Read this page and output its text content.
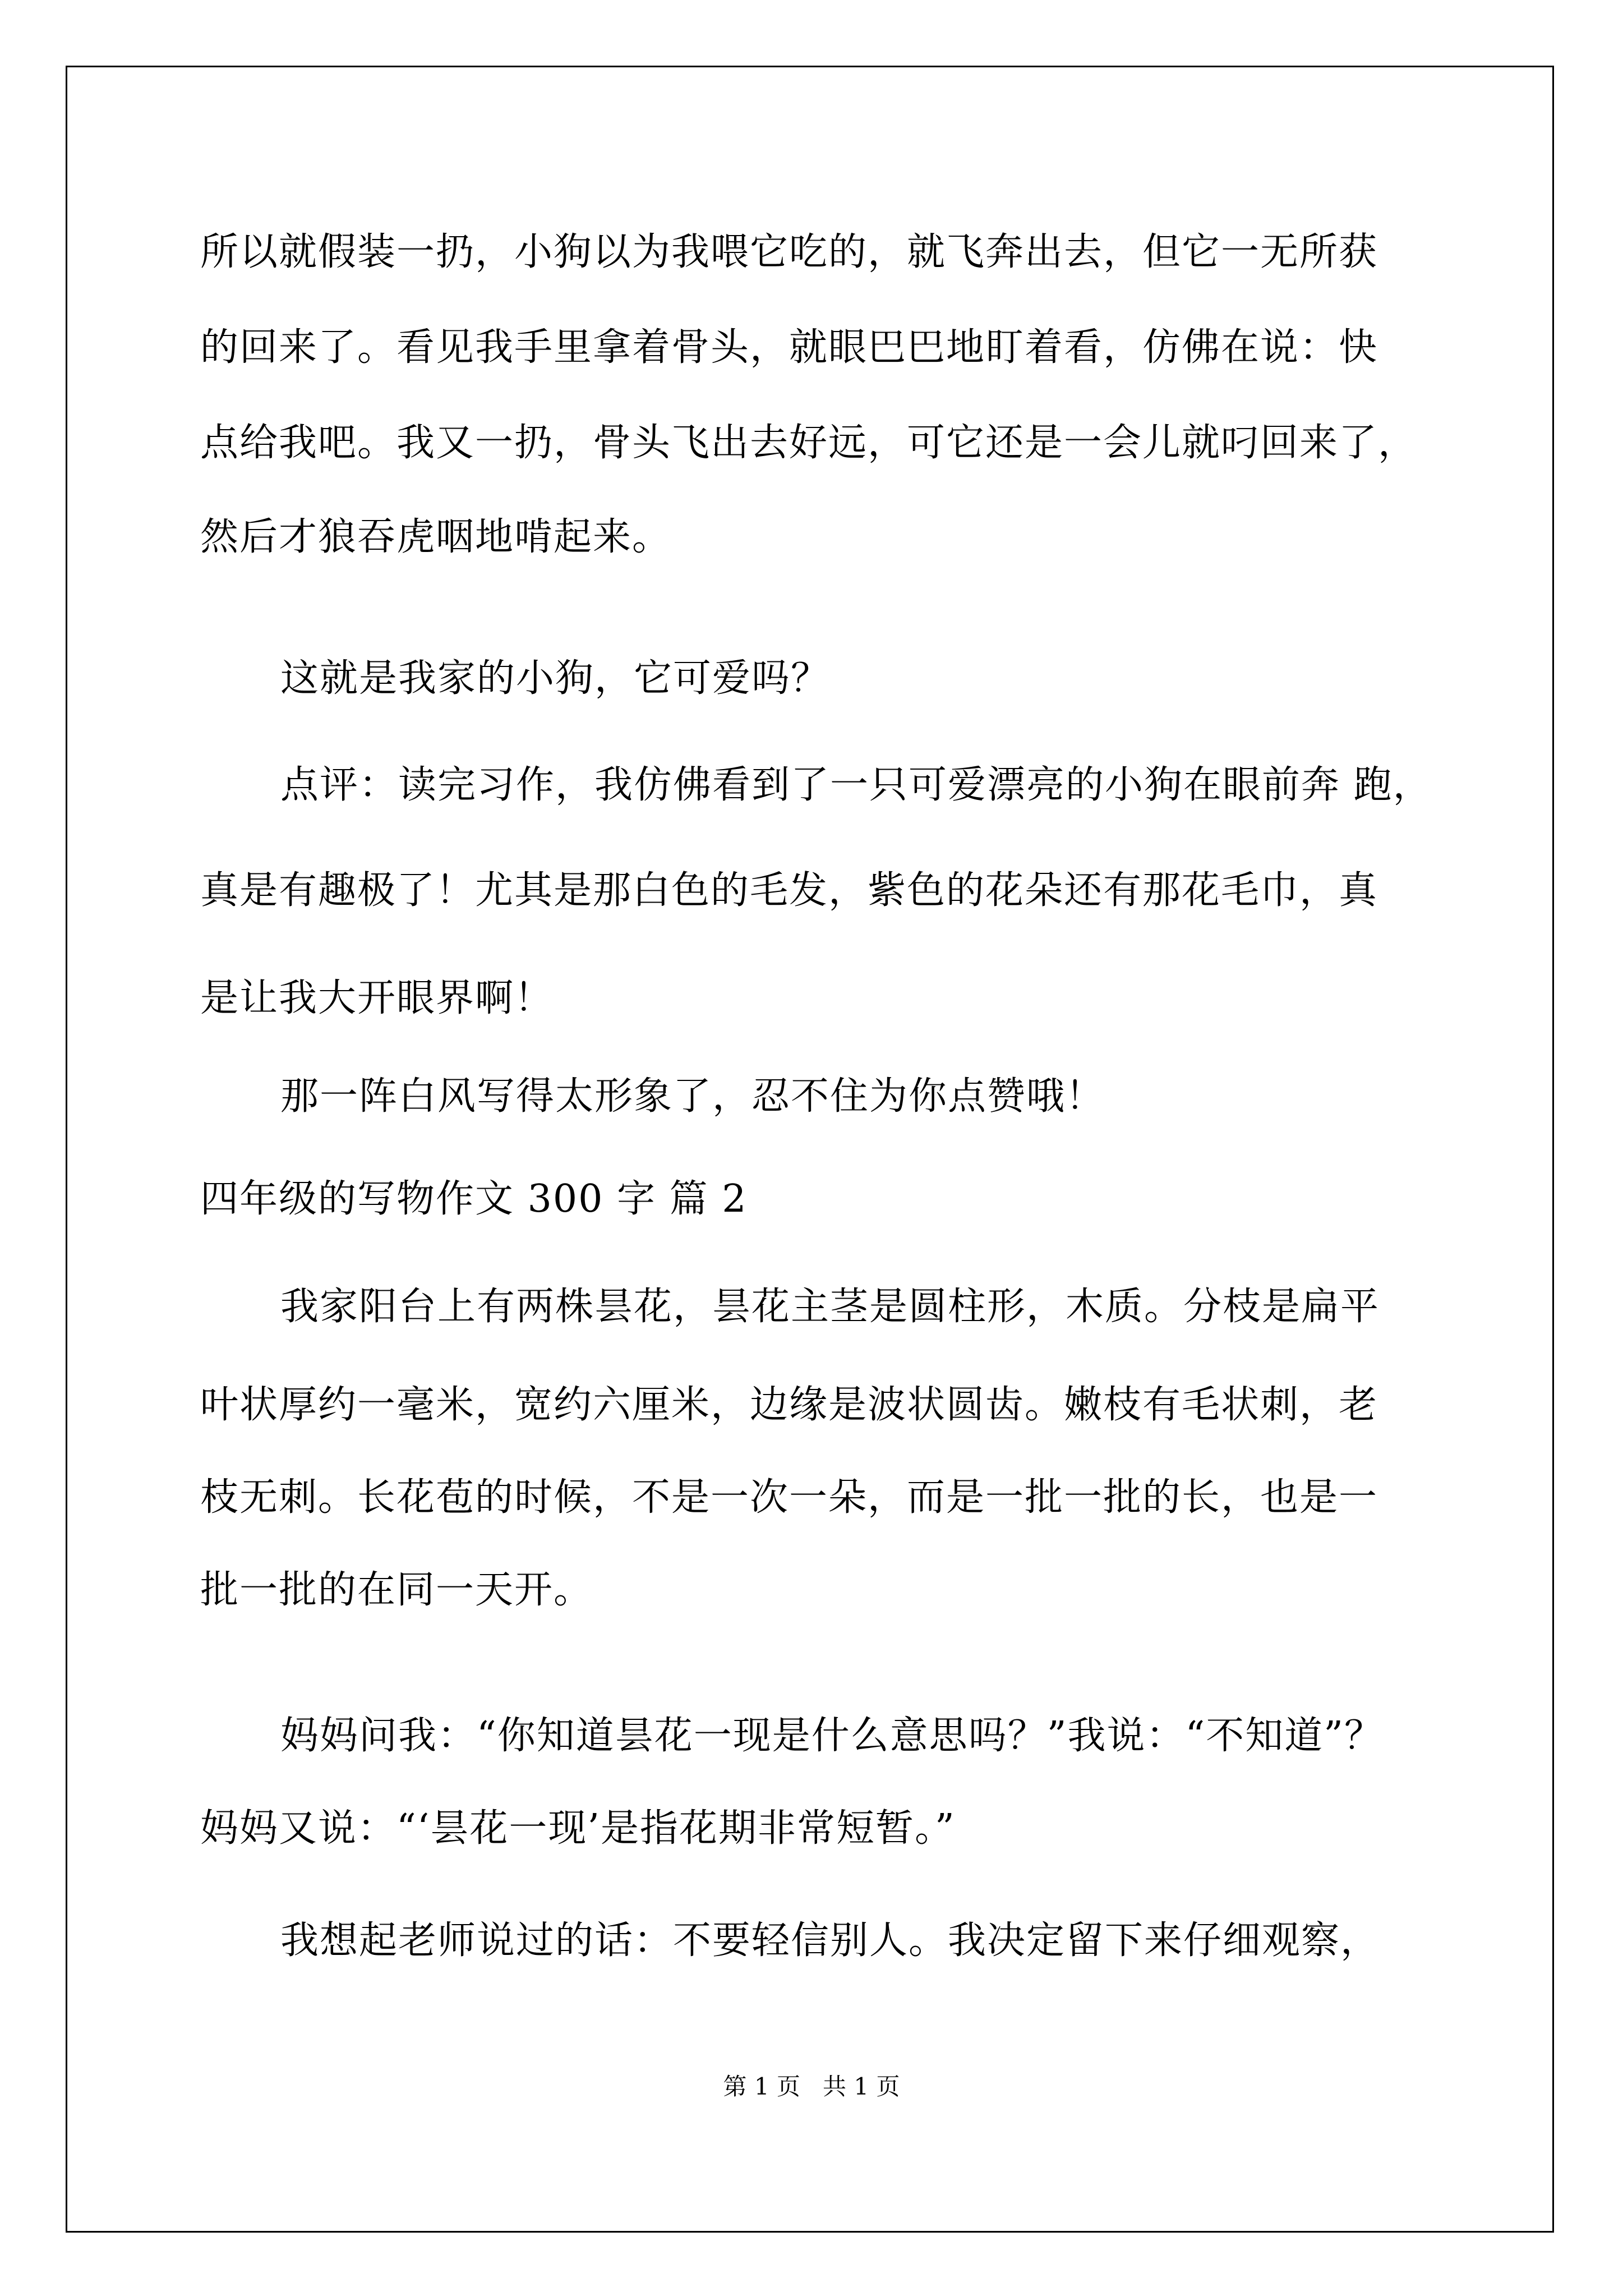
所以就假装一扔，小狗以为我喂它吃的，就飞奔出去，但它一无所获
的回来了。看见我手里拿着骨头，就眼巴巴地盯着看，仿佛在说：快
点给我吧。我又一扔，骨头飞出去好远，可它还是一会儿就叼回来了，
然后才狼吞虎咽地啃起来。
这就是我家的小狗，它可爱吗？
点评：读完习作，我仿佛看到了一只可爱漂亮的小狗在眼前奔 跑，
真是有趣极了！尤其是那白色的毛发，紫色的花朵还有那花毛巾，真
是让我大开眼界啊！
那一阵白风写得太形象了，忍不住为你点赞哦！
四年级的写物作文 300 字 篇 2
我家阳台上有两株昙花，昙花主茎是圆柱形，木质。分枝是扁平
叶状厚约一毫米，宽约六厘米，边缘是波状圆齿。嫩枝有毛状刺，老
枝无刺。长花苞的时候，不是一次一朵，而是一批一批的长，也是一
批一批的在同一天开。
妈妈问我：“你知道昙花一现是什么意思吗？”我说：“不知道”？
妈妈又说：“‘昙花一现’是指花期非常短暂。”
我想起老师说过的话：不要轻信别人。我决定留下来仔细观察，
第 1 页   共 1 页
